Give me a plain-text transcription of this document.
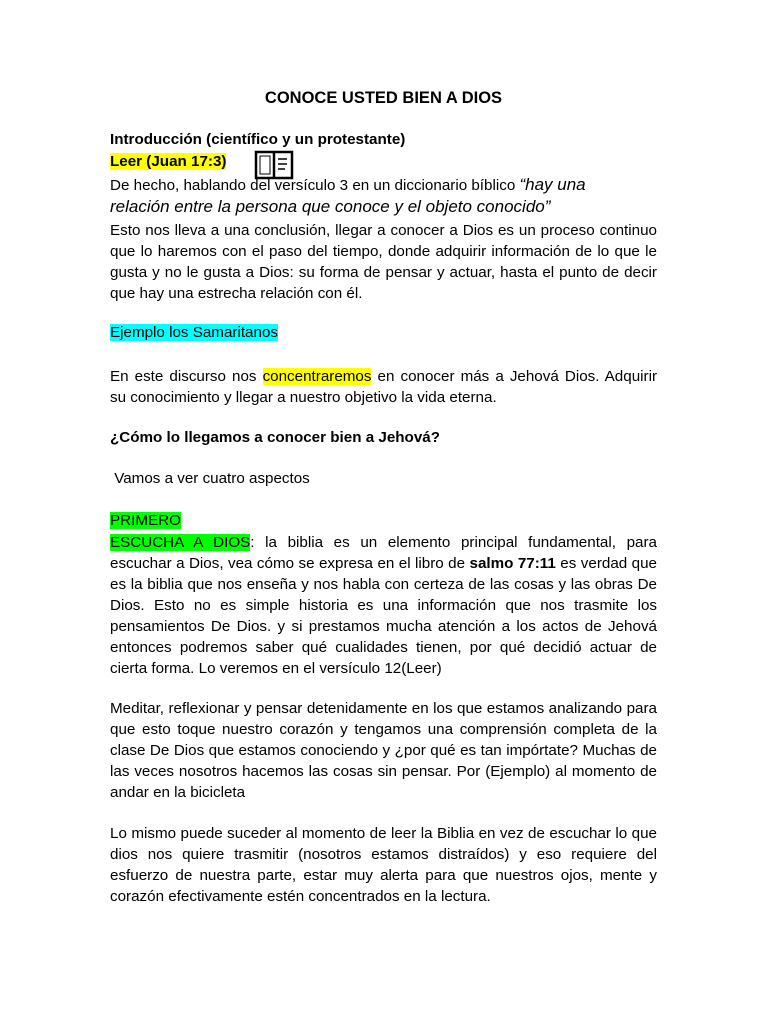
CONOCE USTED BIEN A DIOS
Introducción (científico y un protestante)
Leer (Juan 17:3)
De hecho, hablando del versículo 3 en un diccionario bíblico “hay una
relación entre la persona que conoce y el objeto conocido”
Esto nos lleva a una conclusión, llegar a conocer a Dios es un proceso continuo que lo haremos con el paso del tiempo, donde adquirir información de lo que le gusta y no le gusta a Dios: su forma de pensar y actuar, hasta el punto de decir que hay una estrecha relación con él.
Ejemplo los Samaritanos
En este discurso nos concentraremos en conocer más a Jehová Dios. Adquirir su conocimiento y llegar a nuestro objetivo la vida eterna.
¿Cómo lo llegamos a conocer bien a Jehová?
Vamos a ver cuatro aspectos
PRIMERO
ESCUCHA A DIOS: la biblia es un elemento principal fundamental, para escuchar a Dios, vea cómo se expresa en el libro de salmo 77:11 es verdad que es la biblia que nos enseña y nos habla con certeza de las cosas y las obras De Dios. Esto no es simple historia es una información que nos trasmite los pensamientos De Dios. y si prestamos mucha atención a los actos de Jehová entonces podremos saber qué cualidades tienen, por qué decidió actuar de cierta forma. Lo veremos en el versículo 12(Leer)
Meditar, reflexionar y pensar detenidamente en los que estamos analizando para que esto toque nuestro corazón y tengamos una comprensión completa de la clase De Dios que estamos conociendo y ¿por qué es tan impórtate? Muchas de las veces nosotros hacemos las cosas sin pensar. Por (Ejemplo) al momento de andar en la bicicleta
Lo mismo puede suceder al momento de leer la Biblia en vez de escuchar lo que dios nos quiere trasmitir (nosotros estamos distraídos) y eso requiere del esfuerzo de nuestra parte, estar muy alerta para que nuestros ojos, mente y corazón efectivamente estén concentrados en la lectura.
